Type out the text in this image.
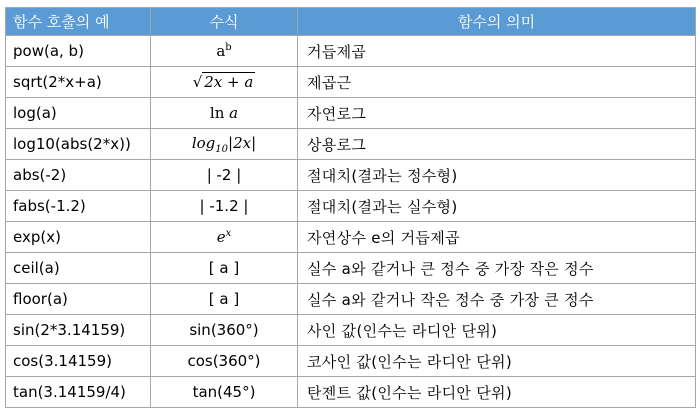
함수 호출의 예	수식	함수의 의미
pow(a, b)	$a^b$	거듭제곱
sqrt(2*x+a)	√ 2x + a	제곱근
log(a)	ln a	자연로그
log10(abs(2*x))	$\log_{10}|2x|$	상용로그
abs(-2)	| -2 |	절대치(결과는 정수형)
fabs(-1.2)	| -1.2 |	절대치(결과는 실수형)
exp(x)	$e^x$	자연상수 e의 거듭제곱
ceil(a)	[ a ]	실수 a와 같거나 큰 정수 중 가장 작은 정수
floor(a)	[ a ]	실수 a와 같거나 작은 정수 중 가장 큰 정수
sin(2*3.14159)	sin(360°)	사인 값(인수는 라디안 단위)
cos(3.14159)	cos(360°)	코사인 값(인수는 라디안 단위)
tan(3.14159/4)	tan(45°)	탄젠트 값(인수는 라디안 단위)
